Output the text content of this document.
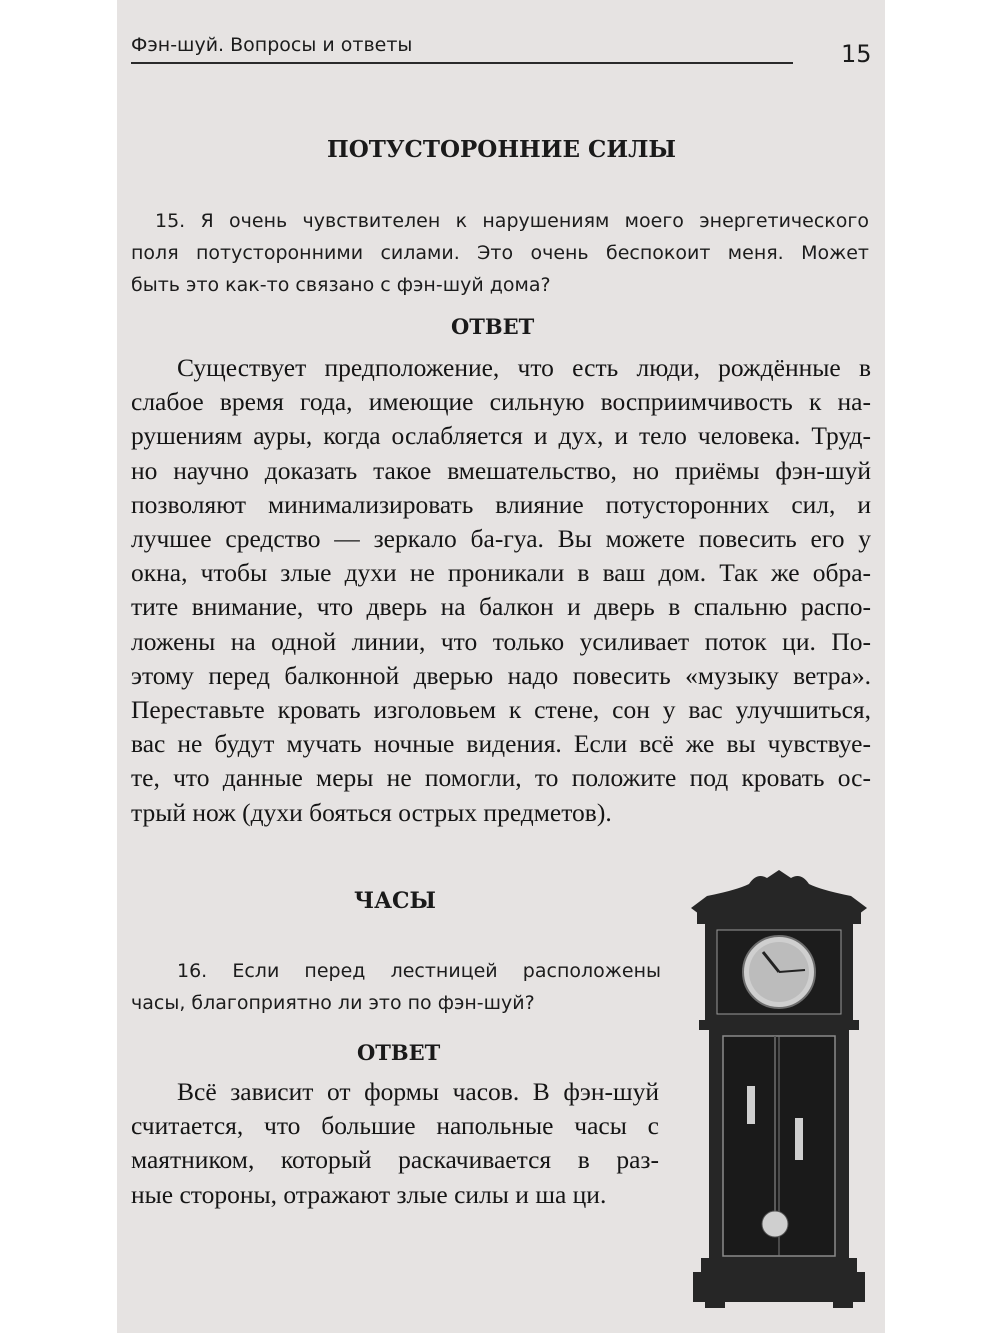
Фэн-шуй. Вопросы и ответы	15
ПОТУСТОРОННИЕ СИЛЫ
15. Я очень чувствителен к нарушениям моего энергетического
поля потусторонними силами. Это очень беспокоит меня. Может
быть это как-то связано с фэн-шуй дома?
ОТВЕТ
Существует предположение, что есть люди, рождённые в
слабое время года, имеющие сильную восприимчивость к на-
рушениям ауры, когда ослабляется и дух, и тело человека. Труд-
но научно доказать такое вмешательство, но приёмы фэн-шуй
позволяют минимализировать влияние потусторонних сил, и
лучшее средство — зеркало ба-гуа. Вы можете повесить его у
окна, чтобы злые духи не проникали в ваш дом. Так же обра-
тите внимание, что дверь на балкон и дверь в спальню распо-
ложены на одной линии, что только усиливает поток ци. По-
этому перед балконной дверью надо повесить «музыку ветра».
Переставьте кровать изголовьем к стене, сон у вас улучшиться,
вас не будут мучать ночные видения. Если всё же вы чувствуе-
те, что данные меры не помогли, то положите под кровать ос-
трый нож (духи бояться острых предметов).
ЧАСЫ
16. Если перед лестницей расположены
часы, благоприятно ли это по фэн-шуй?
ОТВЕТ
Всё зависит от формы часов. В фэн-шуй
считается, что большие напольные часы с
маятником, который раскачивается в раз-
ные стороны, отражают злые силы и ша ци.
